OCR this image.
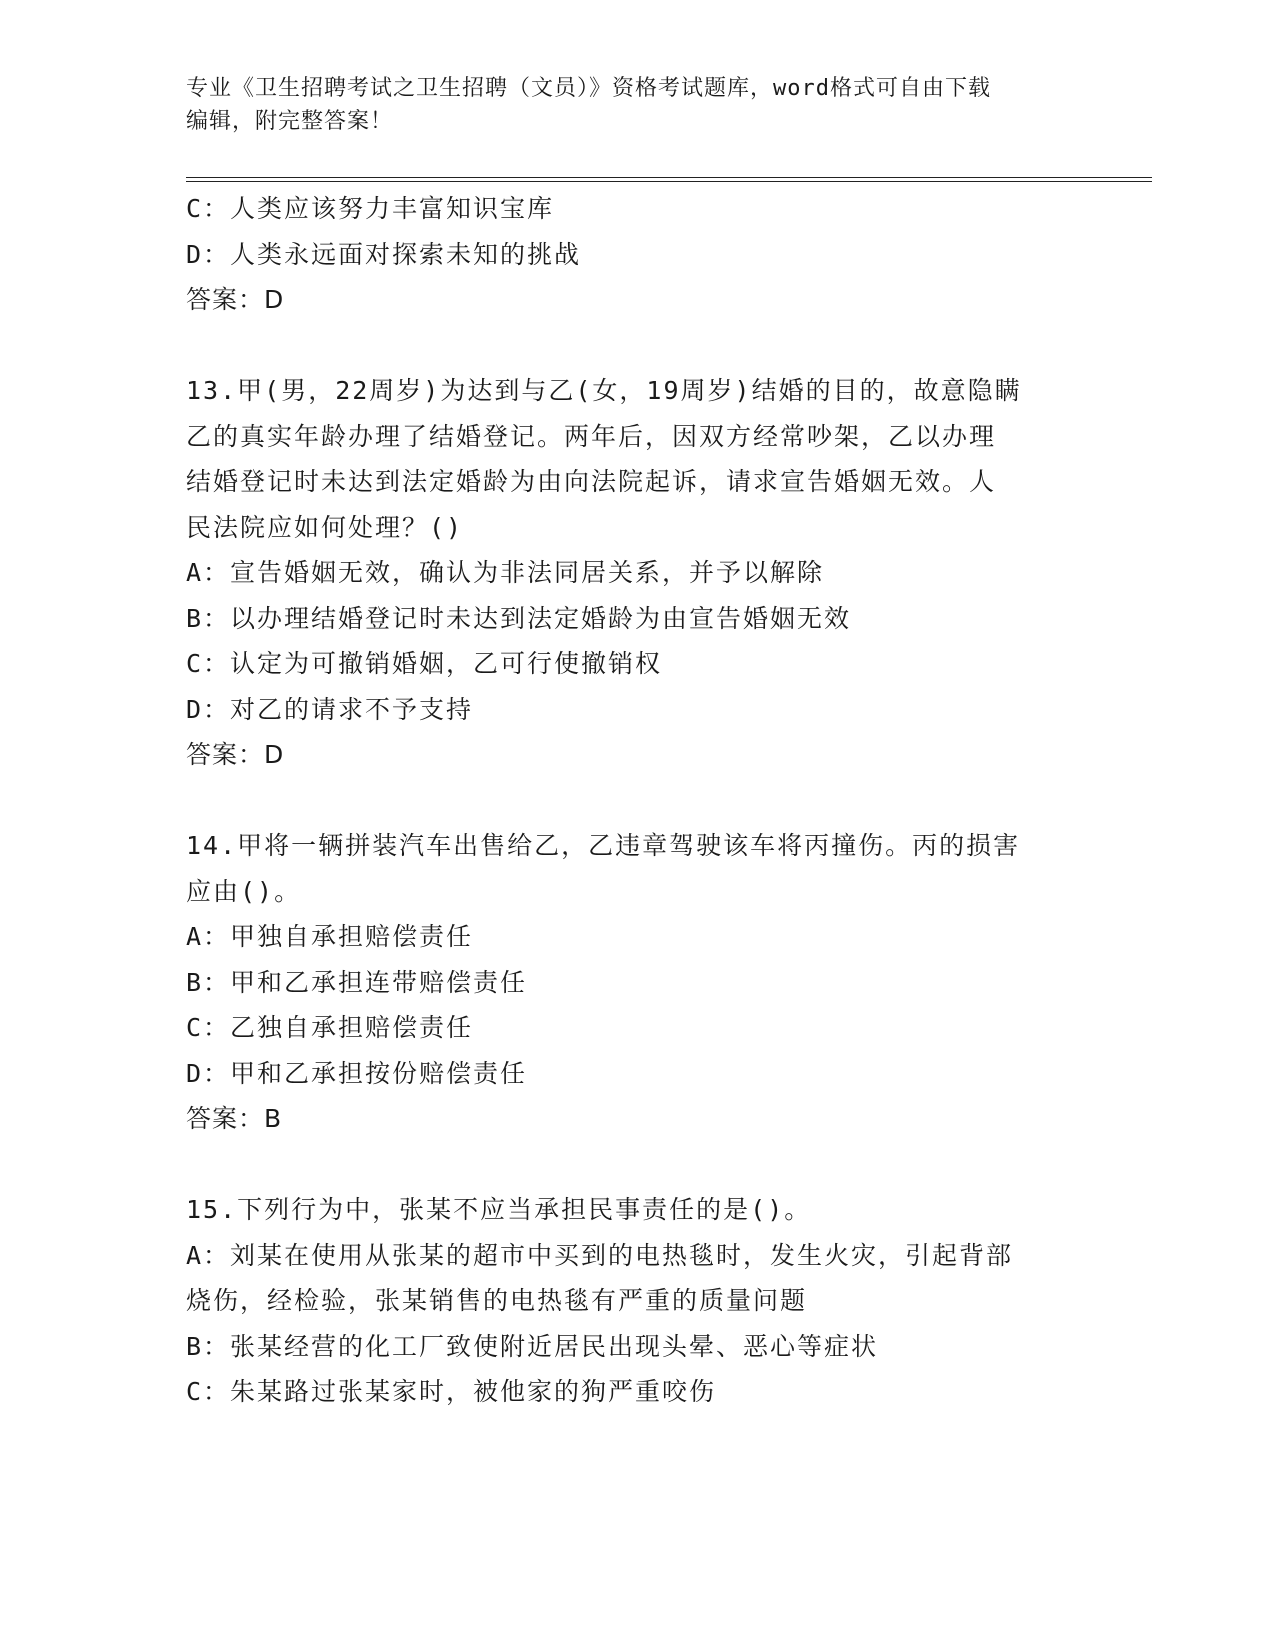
专业《卫生招聘考试之卫生招聘（文员）》资格考试题库，word格式可自由下载
编辑，附完整答案！
C：人类应该努力丰富知识宝库
D：人类永远面对探索未知的挑战
答案：D
13.甲(男，22周岁)为达到与乙(女，19周岁)结婚的目的，故意隐瞒
乙的真实年龄办理了结婚登记。两年后，因双方经常吵架，乙以办理
结婚登记时未达到法定婚龄为由向法院起诉，请求宣告婚姻无效。人
民法院应如何处理？()
A：宣告婚姻无效，确认为非法同居关系，并予以解除
B：以办理结婚登记时未达到法定婚龄为由宣告婚姻无效
C：认定为可撤销婚姻，乙可行使撤销权
D：对乙的请求不予支持
答案：D
14.甲将一辆拼装汽车出售给乙，乙违章驾驶该车将丙撞伤。丙的损害
应由()。
A：甲独自承担赔偿责任
B：甲和乙承担连带赔偿责任
C：乙独自承担赔偿责任
D：甲和乙承担按份赔偿责任
答案：B
15.下列行为中，张某不应当承担民事责任的是()。
A：刘某在使用从张某的超市中买到的电热毯时，发生火灾，引起背部
烧伤，经检验，张某销售的电热毯有严重的质量问题
B：张某经营的化工厂致使附近居民出现头晕、恶心等症状
C：朱某路过张某家时，被他家的狗严重咬伤
